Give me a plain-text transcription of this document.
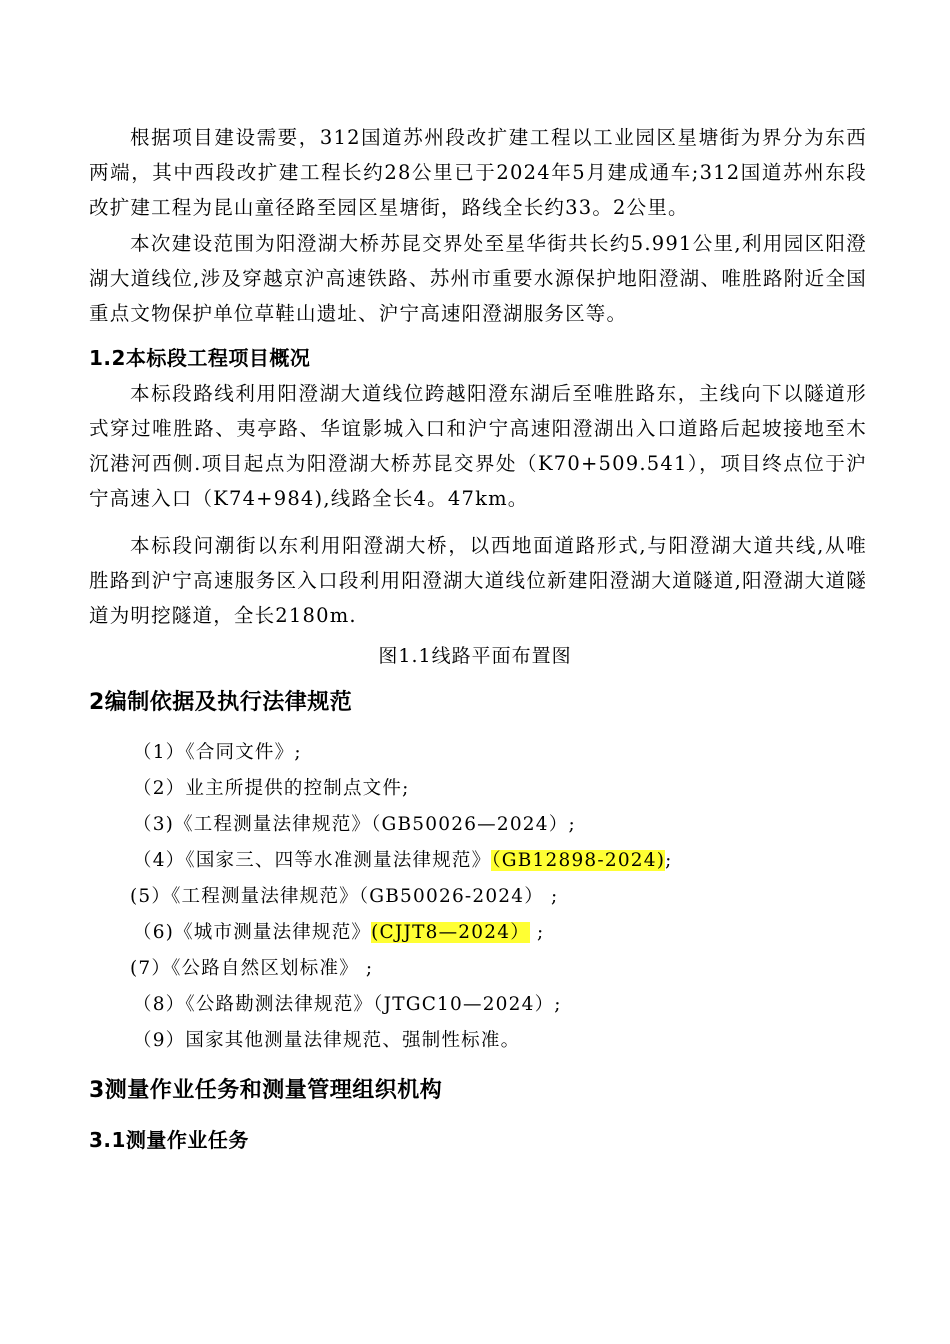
根据项目建设需要，312国道苏州段改扩建工程以工业园区星塘街为界分为东西两端，其中西段改扩建工程长约28公里已于2024年5月建成通车;312国道苏州东段改扩建工程为昆山童径路至园区星塘街，路线全长约33。2公里。

本次建设范围为阳澄湖大桥苏昆交界处至星华街共长约5.991公里,利用园区阳澄湖大道线位,涉及穿越京沪高速铁路、苏州市重要水源保护地阳澄湖、唯胜路附近全国重点文物保护单位草鞋山遗址、沪宁高速阳澄湖服务区等。

1.2本标段工程项目概况

本标段路线利用阳澄湖大道线位跨越阳澄东湖后至唯胜路东，主线向下以隧道形式穿过唯胜路、夷亭路、华谊影城入口和沪宁高速阳澄湖出入口道路后起坡接地至木沉港河西侧.项目起点为阳澄湖大桥苏昆交界处（K70+509.541），项目终点位于沪宁高速入口（K74+984),线路全长4。47km。

本标段问潮街以东利用阳澄湖大桥，以西地面道路形式,与阳澄湖大道共线,从唯胜路到沪宁高速服务区入口段利用阳澄湖大道线位新建阳澄湖大道隧道,阳澄湖大道隧道为明挖隧道，全长2180m.

图1.1线路平面布置图

2编制依据及执行法律规范
（1）《合同文件》;
（2）业主所提供的控制点文件;
（3)《工程测量法律规范》（GB50026—2024）;
（4）《国家三、四等水准测量法律规范》（GB12898-2024);
(5）《工程测量法律规范》（GB50026-2024） ;
（6)《城市测量法律规范》(CJJT8—2024） ;
(7）《公路自然区划标准》 ;
（8）《公路勘测法律规范》（JTGC10—2024）;
（9）国家其他测量法律规范、强制性标准。
3测量作业任务和测量管理组织机构
3.1测量作业任务
